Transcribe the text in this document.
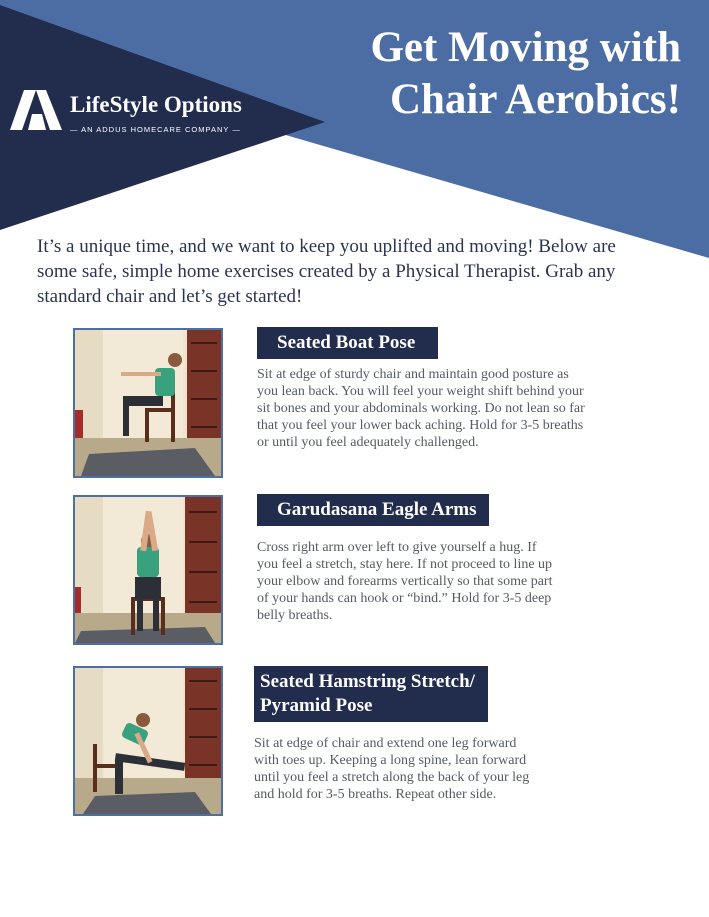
LifeStyle Options
— AN ADDUS HOMECARE COMPANY —
Get Moving with
Chair Aerobics!
It’s a unique time, and we want to keep you uplifted and moving! Below are some safe, simple home exercises created by a Physical Therapist. Grab any standard chair and let’s get started!
Seated Boat Pose
Sit at edge of sturdy chair and maintain good posture as you lean back. You will feel your weight shift behind your sit bones and your abdominals working. Do not lean so far that you feel your lower back aching. Hold for 3-5 breaths or until you feel adequately challenged.
Garudasana Eagle Arms
Cross right arm over left to give yourself a hug. If you feel a stretch, stay here. If not proceed to line up your elbow and forearms vertically so that some part of your hands can hook or “bind.” Hold for 3-5 deep belly breaths.
Seated Hamstring Stretch/
Pyramid Pose
Sit at edge of chair and extend one leg forward with toes up. Keeping a long spine, lean forward until you feel a stretch along the back of your leg and hold for 3-5 breaths. Repeat other side.
